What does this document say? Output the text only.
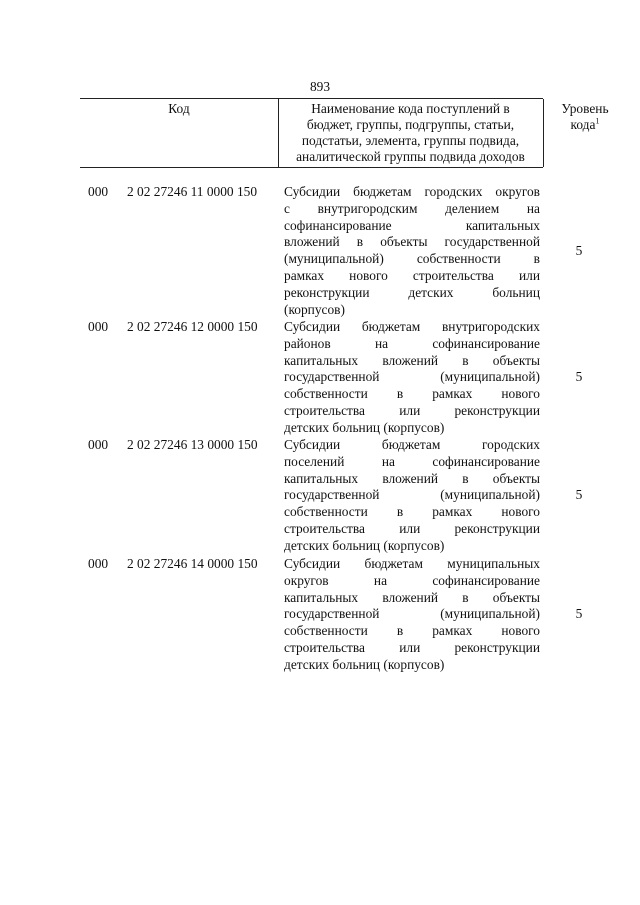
893
Код	Наименование кода поступлений в
бюджет, группы, подгруппы, статьи,
подстатьи, элемента, группы подвида,
аналитической группы подвида доходов
Уровень
кода$^1$
000 2 02 27246 11 0000 150 Субсидии бюджетам городских округов
с внутригородским делением на
софинансирование капитальных
вложений в объекты государственной
(муниципальной) собственности в
рамках нового строительства или
реконструкции детских больниц
(корпусов)
5
000 2 02 27246 12 0000 150 Субсидии бюджетам внутригородских
районов на софинансирование
капитальных вложений в объекты
государственной (муниципальной)
собственности в рамках нового
строительства или реконструкции
детских больниц (корпусов)
5
000 2 02 27246 13 0000 150 Субсидии бюджетам городских
поселений на софинансирование
капитальных вложений в объекты
государственной (муниципальной)
собственности в рамках нового
строительства или реконструкции
детских больниц (корпусов)
5
000 2 02 27246 14 0000 150 Субсидии бюджетам муниципальных
округов на софинансирование
капитальных вложений в объекты
государственной (муниципальной)
собственности в рамках нового
строительства или реконструкции
детских больниц (корпусов)
5
